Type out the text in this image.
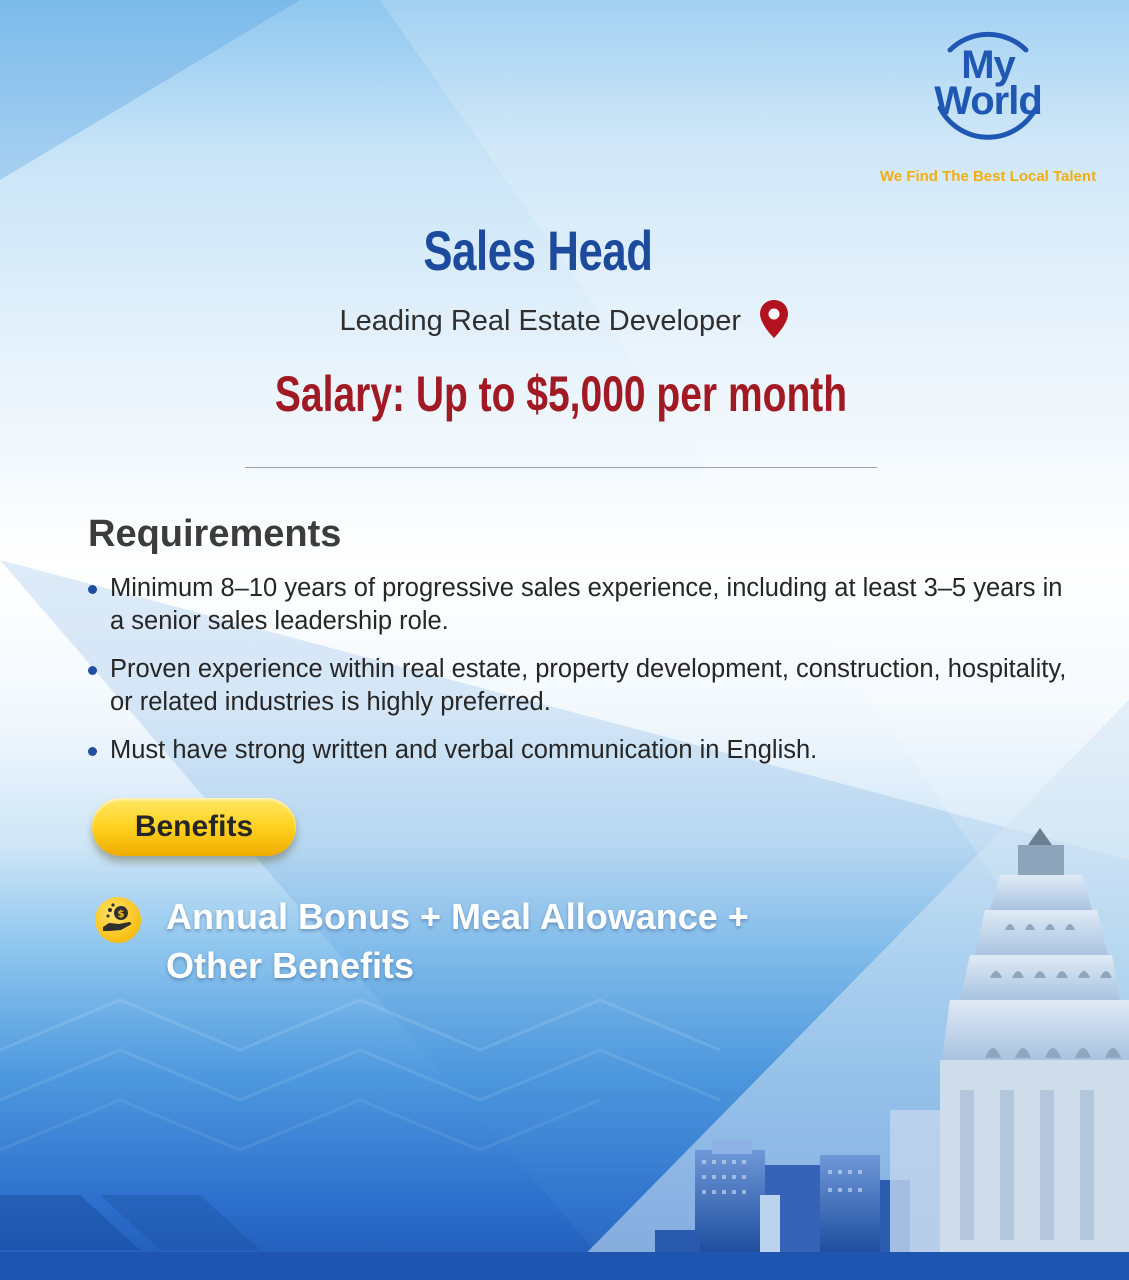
My
World
We Find The Best Local Talent
Sales Head
Leading Real Estate Developer
Salary: Up to $5,000 per month
Requirements
Minimum 8–10 years of progressive sales experience, including at least 3–5 years in a senior sales leadership role.
Proven experience within real estate, property development, construction, hospitality, or related industries is highly preferred.
Must have strong written and verbal communication in English.
Benefits
$ Annual Bonus + Meal Allowance +
Other Benefits
